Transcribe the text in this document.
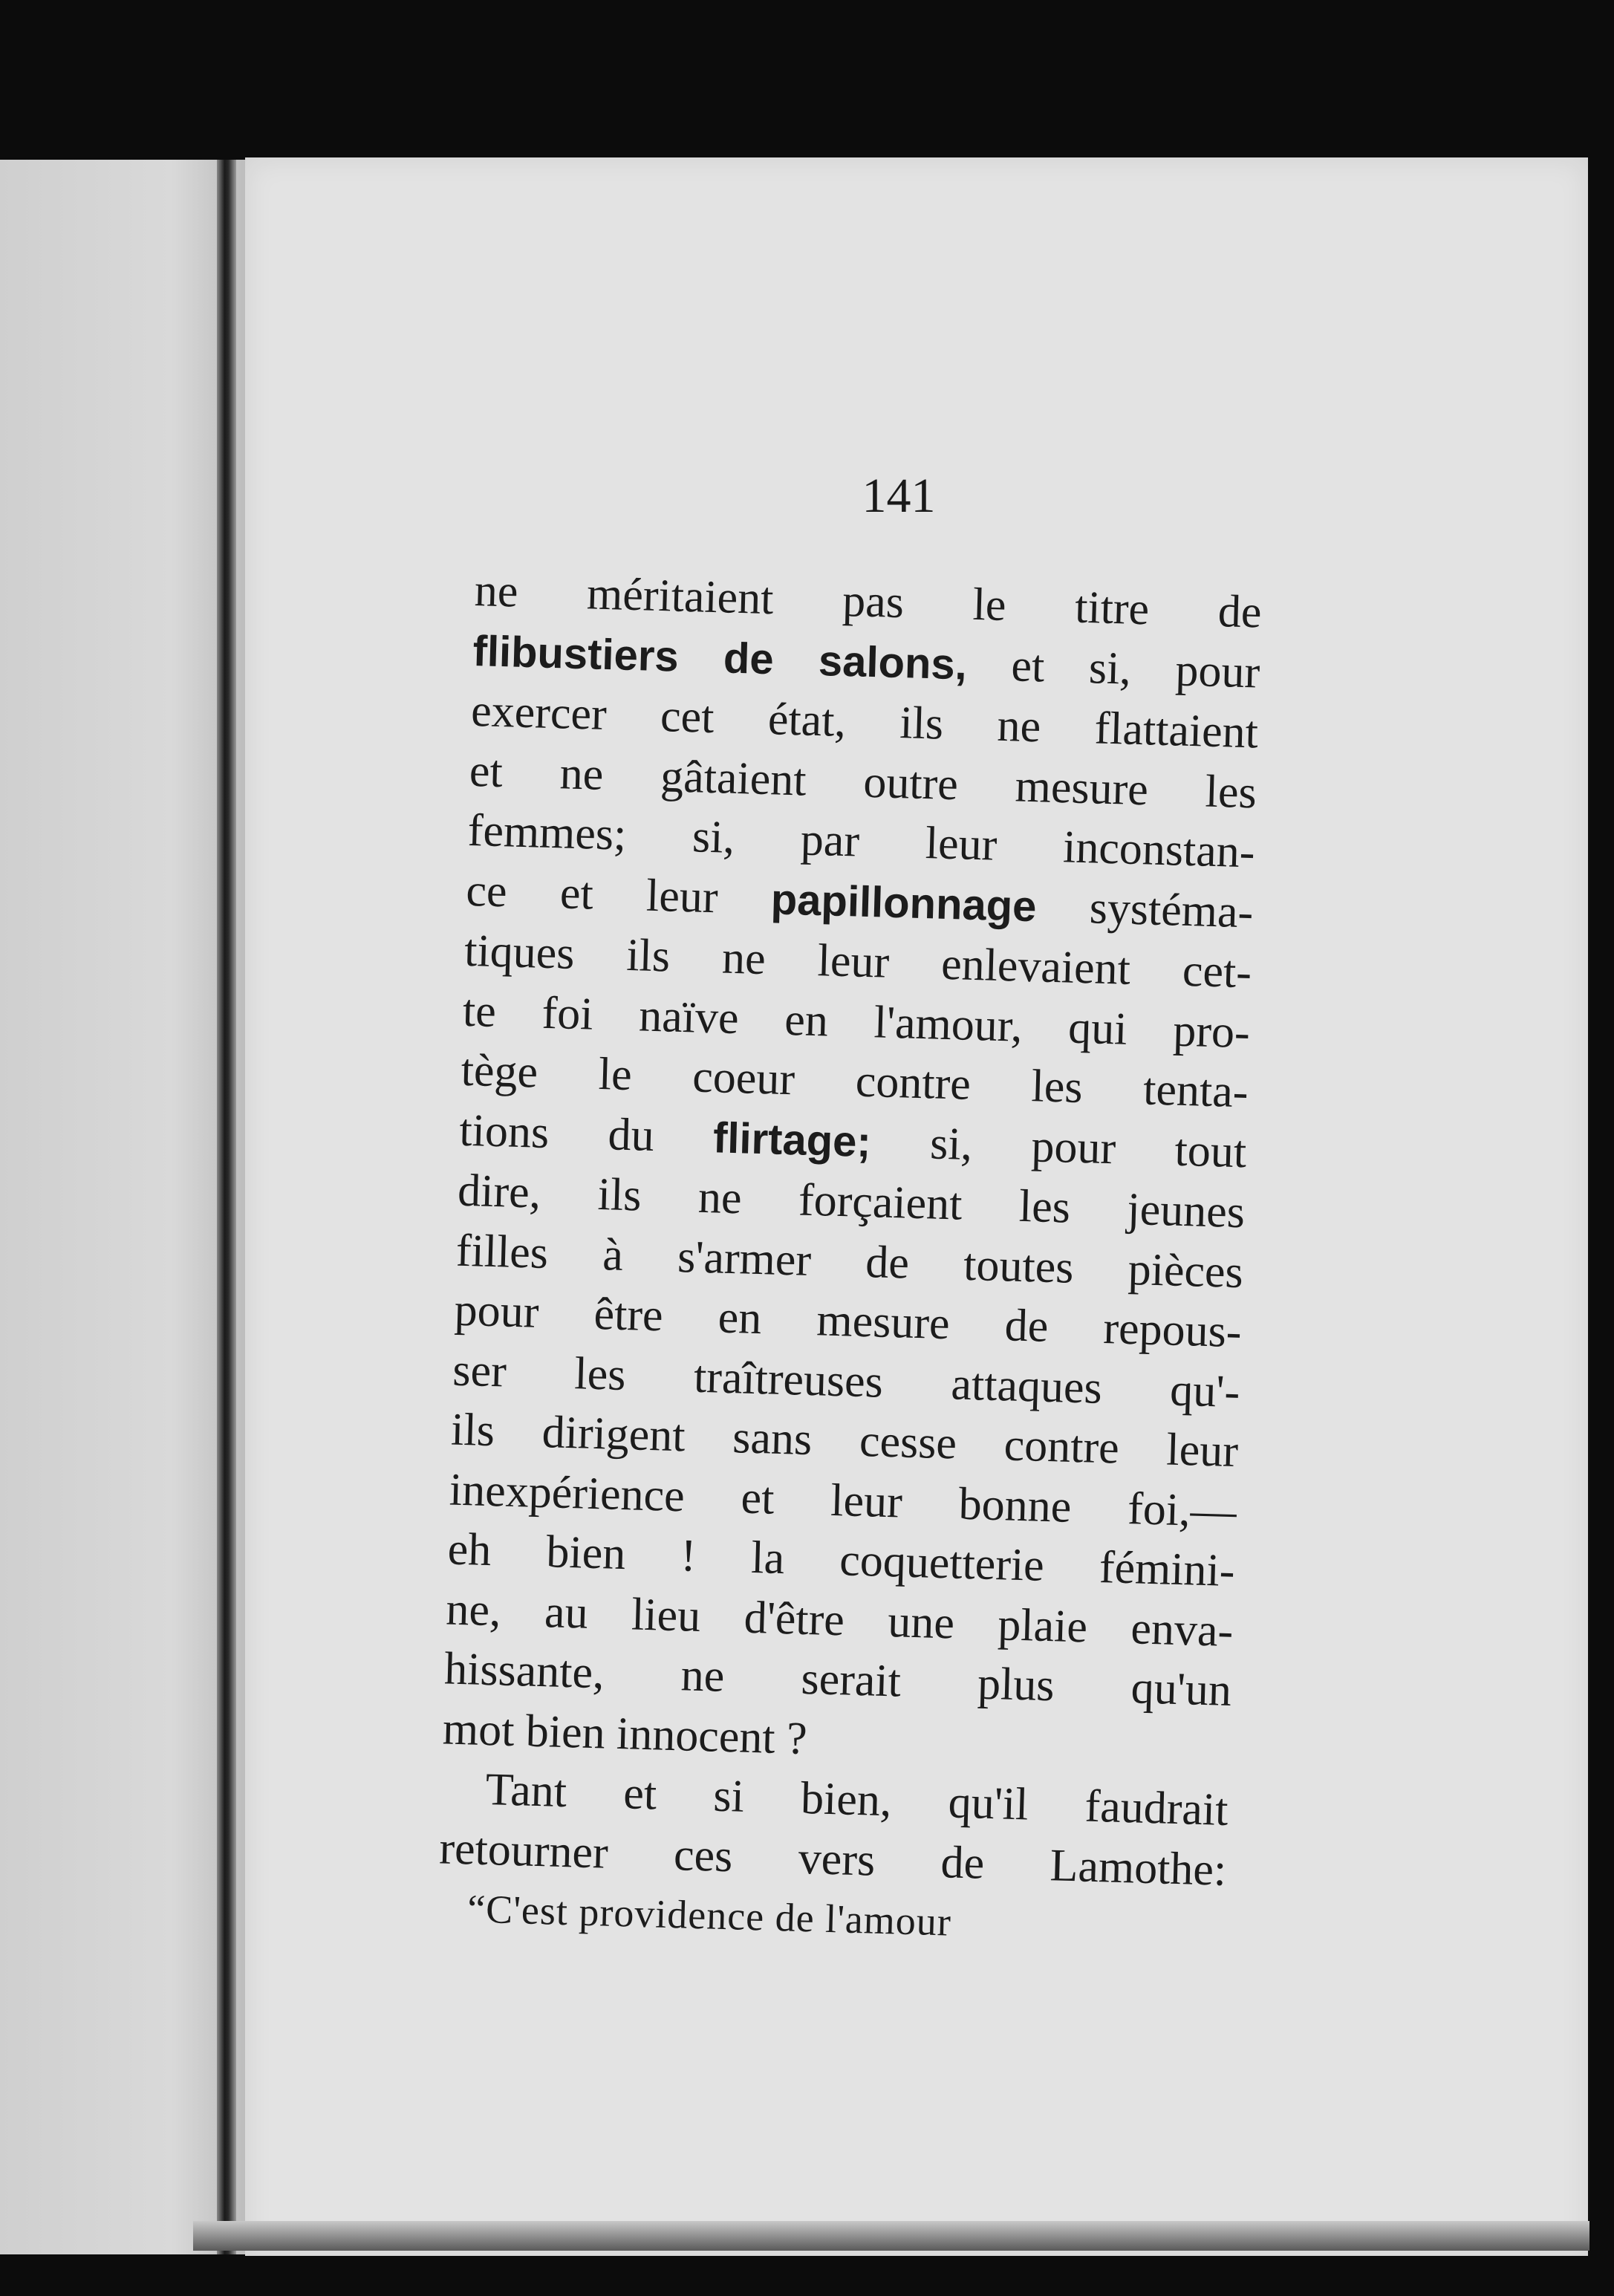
141
ne méritaient pas le titre de
flibustiers de salons, et si, pour
exercer cet état, ils ne flattaient
et ne gâtaient outre mesure les
femmes; si, par leur inconstan-
ce et leur papillonnage systéma-
tiques ils ne leur enlevaient cet-
te foi naïve en l'amour, qui pro-
tège le coeur contre les tenta-
tions du flirtage; si, pour tout
dire, ils ne forçaient les jeunes
filles à s'armer de toutes pièces
pour être en mesure de repous-
ser les traîtreuses attaques qu'-
ils dirigent sans cesse contre leur
inexpérience et leur bonne foi,—
eh bien ! la coquetterie fémini-
ne, au lieu d'être une plaie enva-
hissante, ne serait plus qu'un
mot bien innocent ?
Tant et si bien, qu'il faudrait
retourner ces vers de Lamothe:
“C'est providence de l'amour
